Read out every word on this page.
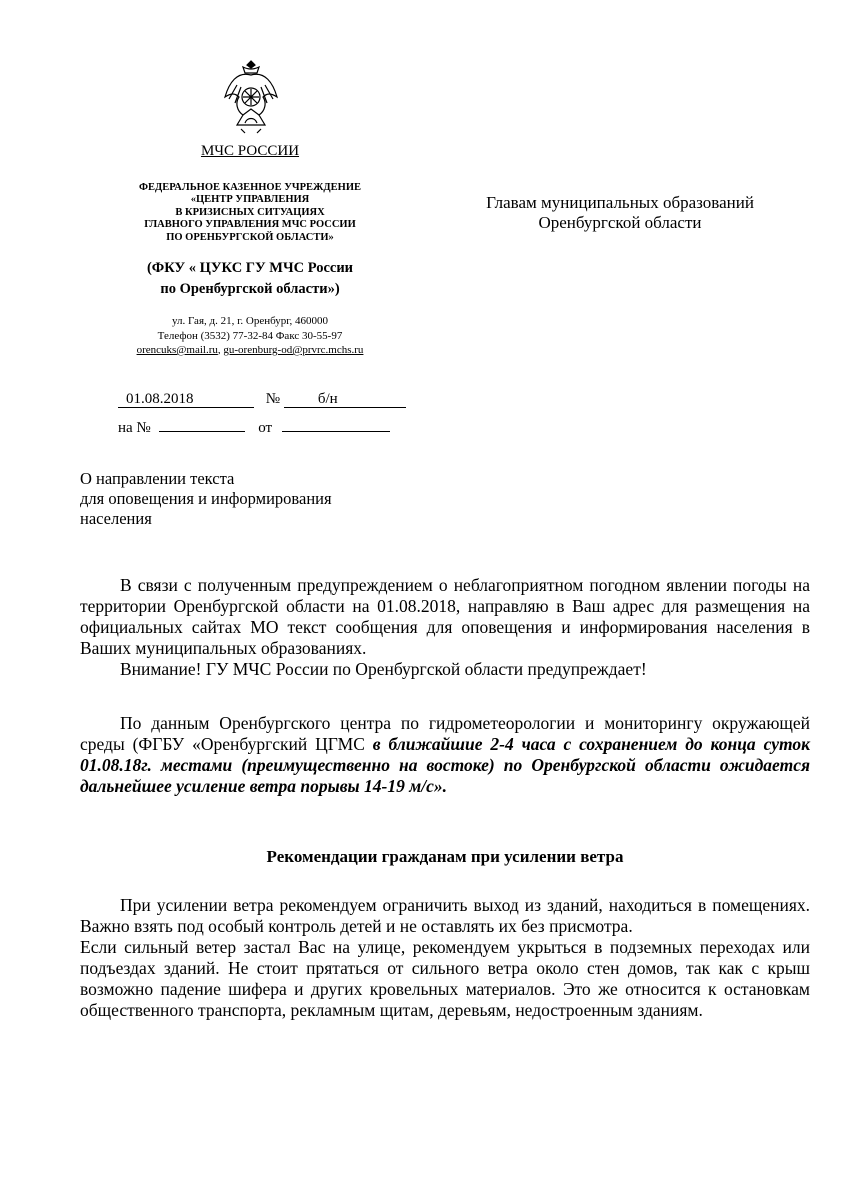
МЧС РОССИИ
ФЕДЕРАЛЬНОЕ КАЗЕННОЕ УЧРЕЖДЕНИЕ
«ЦЕНТР УПРАВЛЕНИЯ
В КРИЗИСНЫХ СИТУАЦИЯХ
ГЛАВНОГО УПРАВЛЕНИЯ МЧС РОССИИ
ПО ОРЕНБУРГСКОЙ ОБЛАСТИ»
(ФКУ « ЦУКС ГУ МЧС России
по Оренбургской области»)
ул. Гая, д. 21, г. Оренбург, 460000
Телефон (3532) 77-32-84 Факс 30-55-97
orencuks@mail.ru, gu-orenburg-od@prvrc.mchs.ru
Главам муниципальных образований
Оренбургской области
01.08.2018	№	б/н
на №	от
О направлении текста
для оповещения и информирования
населения

В связи с полученным предупреждением о неблагоприятном погодном явлении погоды на территории Оренбургской области на 01.08.2018, направляю в Ваш адрес для размещения на официальных сайтах МО текст сообщения для оповещения и информирования населения в Ваших муниципальных образованиях.

Внимание! ГУ МЧС России по Оренбургской области предупреждает!

По данным Оренбургского центра по гидрометеорологии и мониторингу окружающей среды (ФГБУ «Оренбургский ЦГМС в ближайшие 2-4 часа с сохранением до конца суток 01.08.18г. местами (преимущественно на востоке) по Оренбургской области ожидается дальнейшее усиление ветра порывы 14-19 м/с».

Рекомендации гражданам при усилении ветра

При усилении ветра рекомендуем ограничить выход из зданий, находиться в помещениях. Важно взять под особый контроль детей и не оставлять их без присмотра.

Если сильный ветер застал Вас на улице, рекомендуем укрыться в подземных переходах или подъездах зданий. Не стоит прятаться от сильного ветра около стен домов, так как с крыш возможно падение шифера и других кровельных материалов. Это же относится к остановкам общественного транспорта, рекламным щитам, деревьям, недостроенным зданиям.
